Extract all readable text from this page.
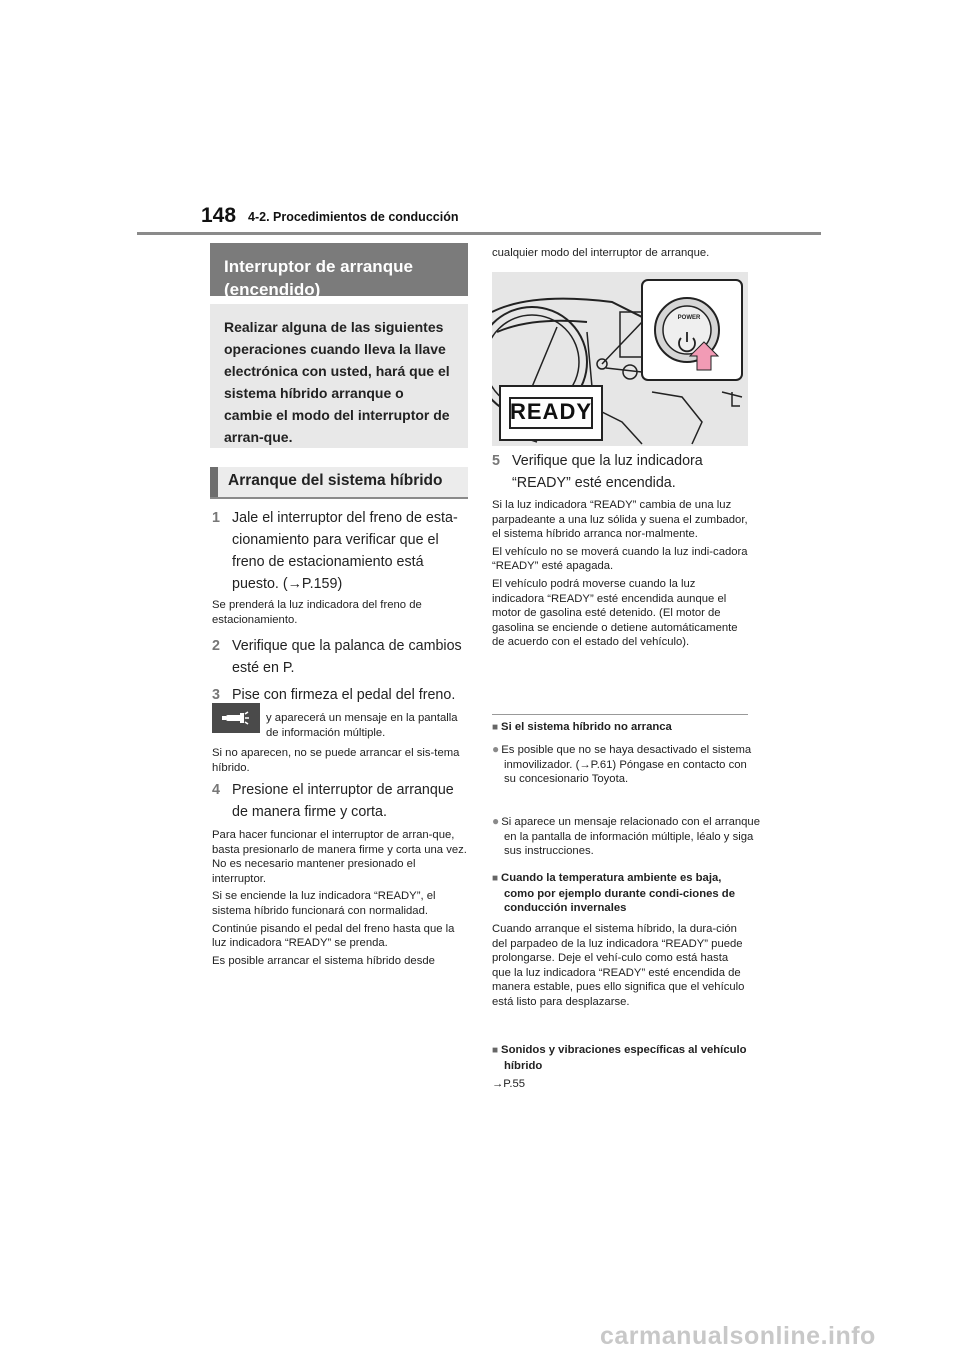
148 4-2. Procedimientos de conducción
Interruptor de arranque (encendido)
Realizar alguna de las siguientes operaciones cuando lleva la llave electrónica con usted, hará que el sistema híbrido arranque o cambie el modo del interruptor de arran-que.
Arranque del sistema híbrido
1 Jale el interruptor del freno de esta-cionamiento para verificar que el freno de estacionamiento está puesto. (→P.159)
Se prenderá la luz indicadora del freno de estacionamiento.
2 Verifique que la palanca de cambios esté en P.
3 Pise con firmeza el pedal del freno.
y aparecerá un mensaje en la pantalla de información múltiple.
Si no aparecen, no se puede arrancar el sis-tema híbrido.
4 Presione el interruptor de arranque de manera firme y corta.

Para hacer funcionar el interruptor de arran-que, basta presionarlo de manera firme y corta una vez. No es necesario mantener presionado el interruptor.

Si se enciende la luz indicadora “READY”, el sistema híbrido funcionará con normalidad.

Continúe pisando el pedal del freno hasta que la luz indicadora “READY” se prenda.

Es posible arrancar el sistema híbrido desde

cualquier modo del interruptor de arranque.
POWER
READY
5 Verifique que la luz indicadora “READY” esté encendida.

Si la luz indicadora “READY” cambia de una luz parpadeante a una luz sólida y suena el zumbador, el sistema híbrido arranca nor-malmente.

El vehículo no se moverá cuando la luz indi-cadora “READY” esté apagada.

El vehículo podrá moverse cuando la luz indicadora “READY” esté encendida aunque el motor de gasolina esté detenido. (El motor de gasolina se enciende o detiene automáticamente de acuerdo con el estado del vehículo).

■ Si el sistema híbrido no arranca
● Es posible que no se haya desactivado el sistema inmovilizador. (→P.61) Póngase en contacto con su concesionario Toyota.
● Si aparece un mensaje relacionado con el arranque en la pantalla de información múltiple, léalo y siga sus instrucciones.
■ Cuando la temperatura ambiente es baja, como por ejemplo durante condi-ciones de conducción invernales
Cuando arranque el sistema híbrido, la dura-ción del parpadeo de la luz indicadora “READY” puede prolongarse. Deje el vehí-culo como está hasta que la luz indicadora “READY” esté encendida de manera estable, pues ello significa que el vehículo está listo para desplazarse.
■ Sonidos y vibraciones específicas al vehículo híbrido
→P.55
carmanualsonline.info
